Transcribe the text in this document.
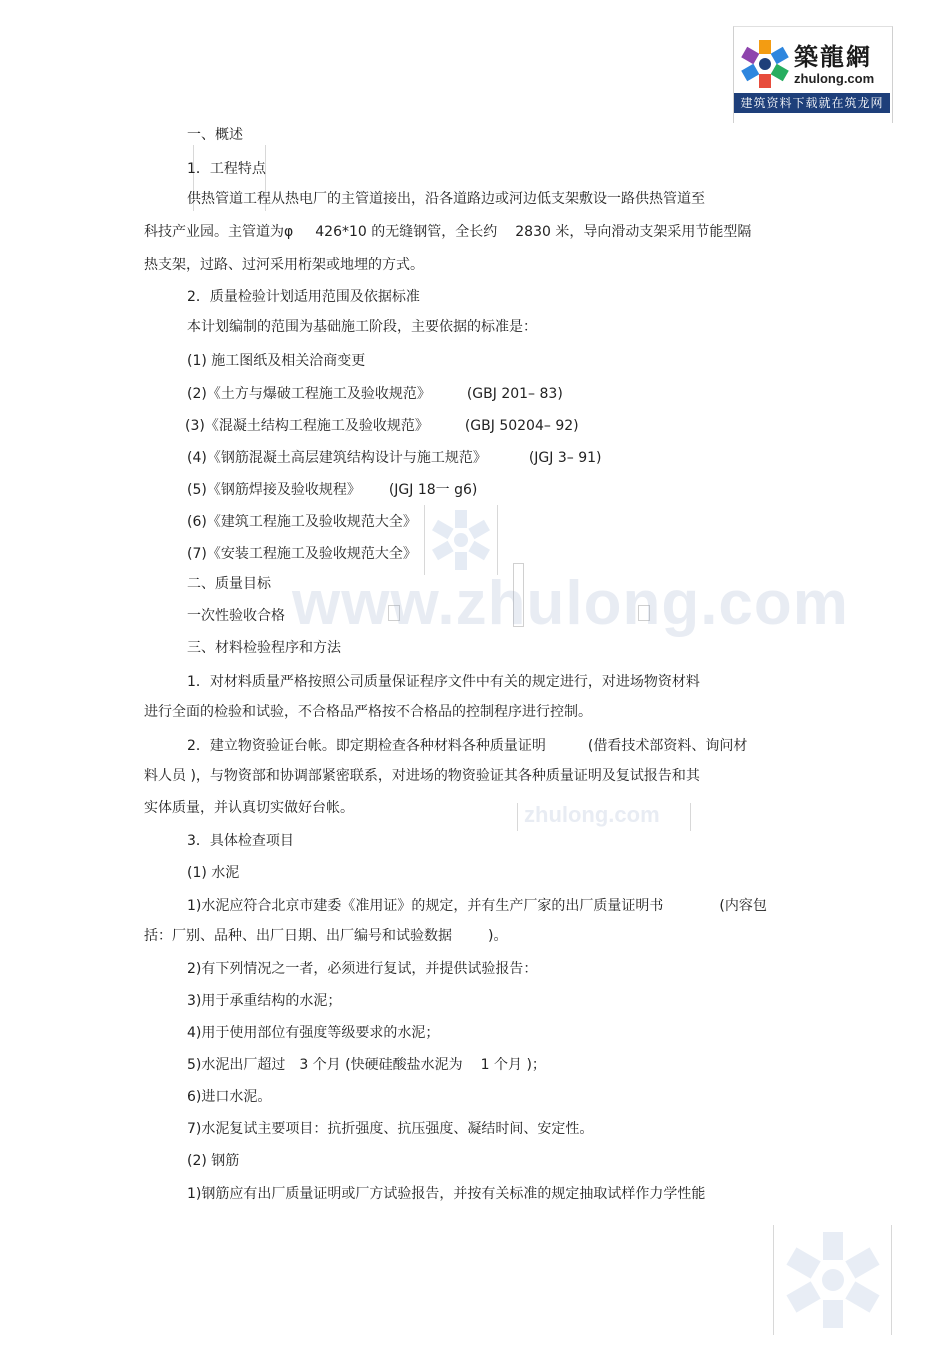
築龍網
zhulong.com
建筑资料下载就在筑龙网
www.zhulong.com
zhulong.com
一、概述
1．工程特点
供热管道工程从热电厂的主管道接出，沿各道路边或河边低支架敷设一路供热管道至
科技产业园。主管道为φ 426*10 的无缝钢管，全长约 2830 米，导向滑动支架采用节能型隔
热支架，过路、过河采用桁架或地埋的方式。
2．质量检验计划适用范围及依据标准
本计划编制的范围为基础施工阶段，主要依据的标准是：
(1) 施工图纸及相关洽商变更
(2)《土方与爆破工程施工及验收规范》	(GBJ 201– 83)
(3)《混凝土结构工程施工及验收规范》	(GBJ 50204– 92)
(4)《钢筋混凝土高层建筑结构设计与施工规范》	(JGJ 3– 91)
(5)《钢筋焊接及验收规程》 (JGJ 18一 g6)
(6)《建筑工程施工及验收规范大全》
(7)《安装工程施工及验收规范大全》
二、质量目标
一次性验收合格
三、材料检验程序和方法
1．对材料质量严格按照公司质量保证程序文件中有关的规定进行，对进场物资材料
进行全面的检验和试验，不合格品严格按不合格品的控制程序进行控制。
2．建立物资验证台帐。即定期检查各种材料各种质量证明	(借看技术部资料、询问材
料人员 )，与物资部和协调部紧密联系，对进场的物资验证其各种质量证明及复试报告和其
实体质量，并认真切实做好台帐。
3．具体检查项目
(1) 水泥
1)水泥应符合北京市建委《准用证》的规定，并有生产厂家的出厂质量证明书	(内容包
括：厂别、品种、出厂日期、出厂编号和试验数据	)。
2)有下列情况之一者，必须进行复试，并提供试验报告：
3)用于承重结构的水泥；
4)用于使用部位有强度等级要求的水泥；
5)水泥出厂超过 3 个月 (快硬硅酸盐水泥为 1 个月 )；
6)进口水泥。
7)水泥复试主要项目：抗折强度、抗压强度、凝结时间、安定性。
(2) 钢筋
1)钢筋应有出厂质量证明或厂方试验报告，并按有关标准的规定抽取试样作力学性能
